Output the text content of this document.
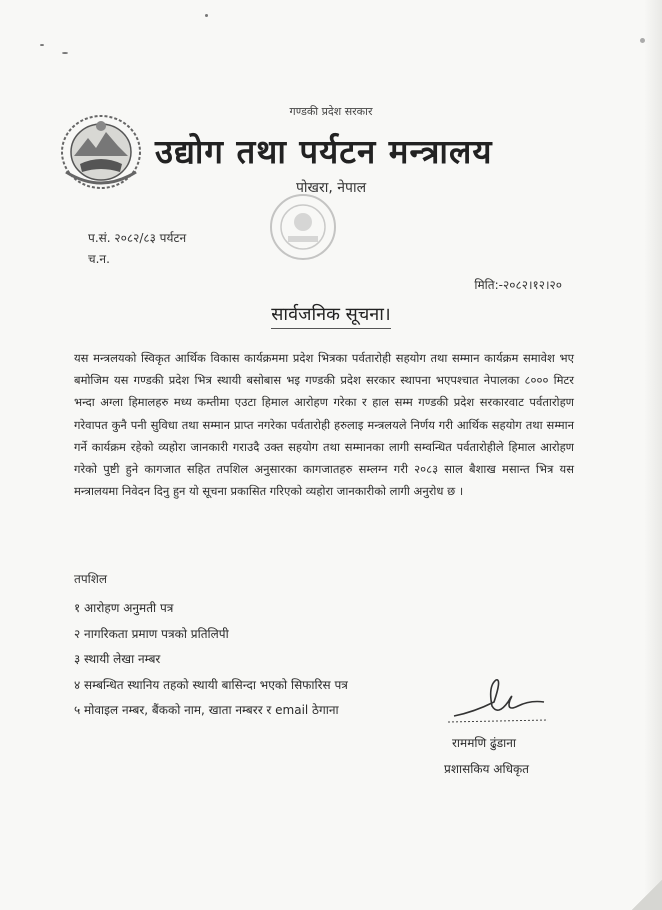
गण्डकी प्रदेश सरकार
उद्योग तथा पर्यटन मन्त्रालय
पोखरा, नेपाल
प.सं. २०८२/८३ पर्यटन
च.न.
मिति:-२०८२।१२।२०
सार्वजनिक सूचना।
यस मन्त्रलयको स्विकृत आर्थिक विकास कार्यक्रममा प्रदेश भित्रका पर्वतारोही सहयोग तथा सम्मान कार्यक्रम समावेश भए बमोजिम यस गण्डकी प्रदेश भित्र स्थायी बसोबास भइ गण्डकी प्रदेश सरकार स्थापना भएपश्चात नेपालका ८००० मिटर भन्दा अग्ला हिमालहरु मध्य कम्तीमा एउटा हिमाल आरोहण गरेका र हाल सम्म गण्डकी प्रदेश सरकारवाट पर्वतारोहण गरेवापत कुनै पनी सुविधा तथा सम्मान प्राप्त नगरेका पर्वतारोही हरुलाइ मन्त्रलयले निर्णय गरी आर्थिक सहयोग तथा सम्मान गर्ने कार्यक्रम रहेको व्यहोरा जानकारी गराउदै उक्त सहयोग तथा सम्मानका लागी सम्वन्धित पर्वतारोहीले हिमाल आरोहण गरेको पुष्टी हुने कागजात सहित तपशिल अनुसारका कागजातहरु सम्लग्न गरी २०८३ साल बैशाख मसान्त भित्र यस मन्त्रालयमा निवेदन दिनु हुन यो सूचना प्रकासित गरिएको व्यहोरा जानकारीको लागी अनुरोध छ ।
तपशिल
१ आरोहण अनुमती पत्र
२ नागरिकता प्रमाण पत्रको प्रतिलिपी
३ स्थायी लेखा नम्बर
४ सम्बन्धित स्थानिय तहको स्थायी बासिन्दा भएको सिफारिस पत्र
५ मोवाइल नम्बर, बैंकको नाम, खाता नम्बरर र email ठेगाना
राममणि ढुंडाना
प्रशासकिय अधिकृत
